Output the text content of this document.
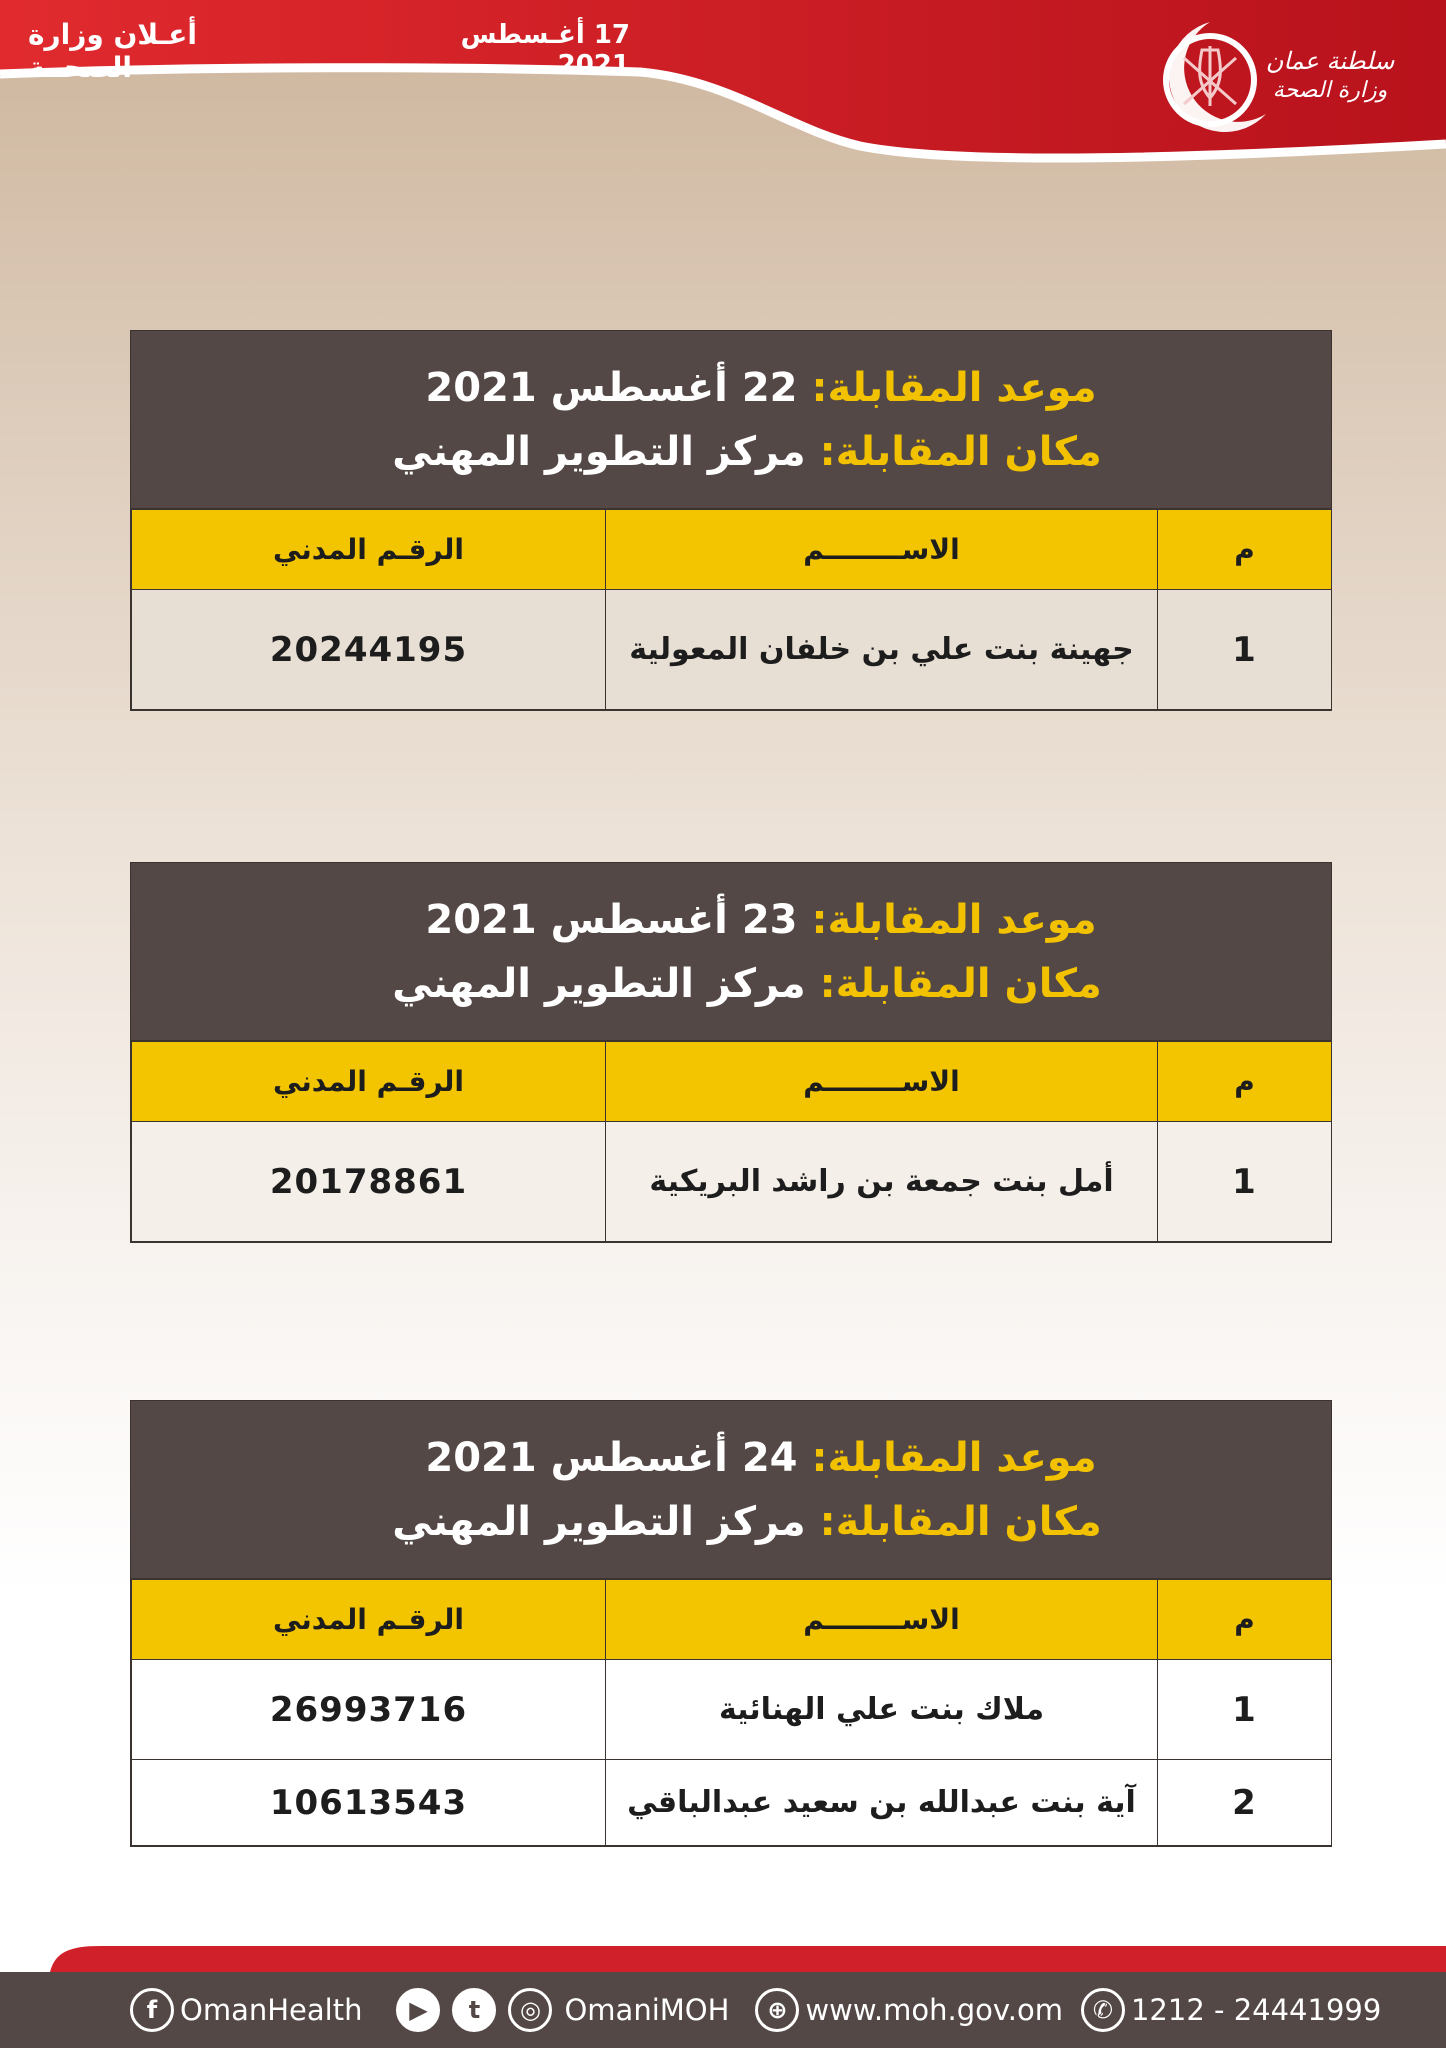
أعـلان وزارة الصحــة
17 أغـسطس 2021	سلطنة عمان
وزارة الصحة
موعد المقابلة:
22 أغسطس 2021
مكان المقابلة:
مركز التطوير المهني
م	الاســــــــم	الرقـم المدني
1	جهينة بنت علي بن خلفان المعولية	20244195
موعد المقابلة:
23 أغسطس 2021
مكان المقابلة:
مركز التطوير المهني
م	الاســــــــم	الرقـم المدني
1	أمل بنت جمعة بن راشد البريكية	20178861
موعد المقابلة:
24 أغسطس 2021
مكان المقابلة:
مركز التطوير المهني
م	الاســــــــم	الرقـم المدني
1	ملاك بنت علي الهنائية	26993716
2	آية بنت عبدالله بن سعيد عبدالباقي	10613543
f OmanHealth	▶	t	◎ OmaniMOH	⊕ www.moh.gov.om	✆ 1212 - 24441999
